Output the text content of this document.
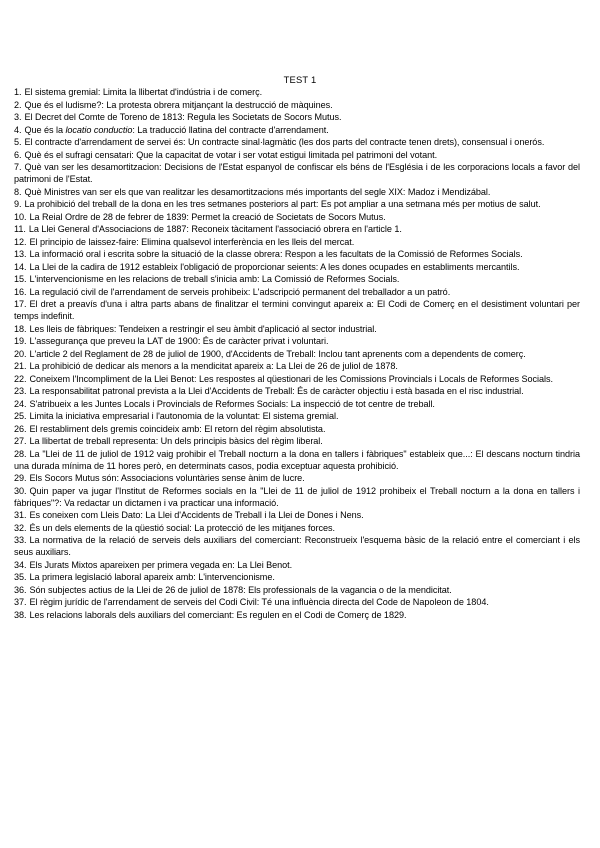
TEST 1
1. El sistema gremial: Limita la llibertat d'indústria i de comerç.
2. Que és el ludisme?: La protesta obrera mitjançant la destrucció de màquines.
3. El Decret del Comte de Toreno de 1813: Regula les Societats de Socors Mutus.
4. Que és la locatio conductio: La traducció llatina del contracte d'arrendament.
5. El contracte d'arrendament de servei és: Un contracte sinal·lagmàtic (les dos parts del contracte tenen drets), consensual i onerós.
6. Què és el sufragi censatari: Que la capacitat de votar i ser votat estigui limitada pel patrimoni del votant.
7. Què van ser les desamortitzacion: Decisions de l'Estat espanyol de confiscar els béns de l'Església i de les corporacions locals a favor del patrimoni de l'Estat.
8. Què Ministres van ser els que van realitzar les desamortitzacions més importants del segle XIX: Madoz i Mendizábal.
9. La prohibició del treball de la dona en les tres setmanes posteriors al part: Es pot ampliar a una setmana més per motius de salut.
10. La Reial Ordre de 28 de febrer de 1839: Permet la creació de Societats de Socors Mutus.
11. La Llei General d'Associacions de 1887: Reconeix tàcitament l'associació obrera en l'article 1.
12. El principio de laissez-faire: Elimina qualsevol interferència en les lleis del mercat.
13. La informació oral i escrita sobre la situació de la classe obrera: Respon a les facultats de la Comissió de Reformes Socials.
14. La Llei de la cadira de 1912 estableix l'obligació de proporcionar seients: A les dones ocupades en establiments mercantils.
15. L'intervencionisme en les relacions de treball s'inicia amb: La Comissió de Reformes Socials.
16. La regulació civil de l'arrendament de serveis prohibeix: L'adscripció permanent del treballador a un patró.
17. El dret a preavís d'una i altra parts abans de finalitzar el termini convingut apareix a: El Codi de Comerç en el desistiment voluntari per temps indefinit.
18. Les lleis de fàbriques: Tendeixen a restringir el seu àmbit d'aplicació al sector industrial.
19. L'assegurança que preveu la LAT de 1900: És de caràcter privat i voluntari.
20. L'article 2 del Reglament de 28 de juliol de 1900, d'Accidents de Treball: Inclou tant aprenents com a dependents de comerç.
21. La prohibició de dedicar als menors a la mendicitat apareix a: La Llei de 26 de juliol de 1878.
22. Coneixem l'Incompliment de la Llei Benot: Les respostes al qüestionari de les Comissions Provincials i Locals de Reformes Socials.
23. La responsabilitat patronal prevista a la Llei d'Accidents de Treball: És de caràcter objectiu i està basada en el risc industrial.
24. S'atribueix a les Juntes Locals i Provincials de Reformes Socials: La inspecció de tot centre de treball.
25. Limita la iniciativa empresarial i l'autonomia de la voluntat: El sistema gremial.
26. El restabliment dels gremis coincideix amb: El retorn del règim absolutista.
27. La llibertat de treball representa: Un dels principis bàsics del règim liberal.
28. La "Llei de 11 de juliol de 1912 vaig prohibir el Treball nocturn a la dona en tallers i fàbriques" estableix que...: El descans nocturn tindria una durada mínima de 11 hores però, en determinats casos, podia exceptuar aquesta prohibició.
29. Els Socors Mutus són: Associacions voluntàries sense ànim de lucre.
30. Quin paper va jugar l'Institut de Reformes socials en la "Llei de 11 de juliol de 1912 prohibeix el Treball nocturn a la dona en tallers i fàbriques"?: Va redactar un dictamen i va practicar una informació.
31. Es coneixen com Lleis Dato: La Llei d'Accidents de Treball i la Llei de Dones i Nens.
32. És un dels elements de la qüestió social: La protecció de les mitjanes forces.
33. La normativa de la relació de serveis dels auxiliars del comerciant: Reconstrueix l'esquema bàsic de la relació entre el comerciant i els seus auxiliars.
34. Els Jurats Mixtos apareixen per primera vegada en: La Llei Benot.
35. La primera legislació laboral apareix amb: L'intervencionisme.
36. Són subjectes actius de la Llei de 26 de juliol de 1878: Els professionals de la vagancia o de la mendicitat.
37. El règim jurídic de l'arrendament de serveis del Codi Civil: Té una influència directa del Code de Napoleon de 1804.
38. Les relacions laborals dels auxiliars del comerciant: Es regulen en el Codi de Comerç de 1829.
